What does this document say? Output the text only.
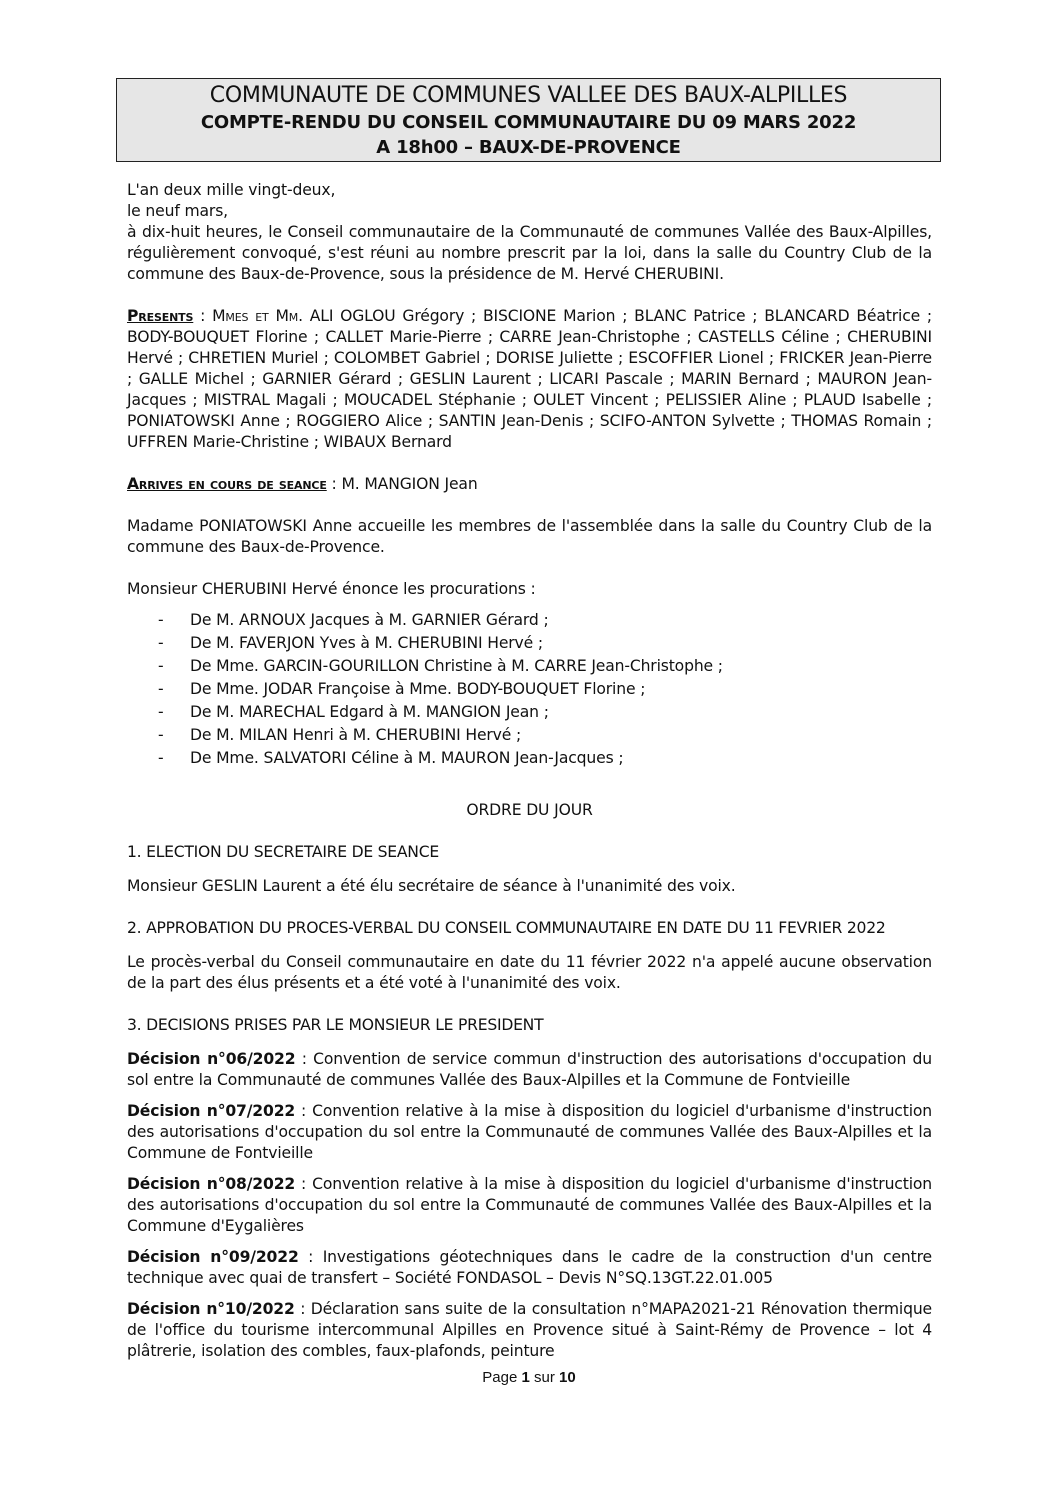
COMMUNAUTE DE COMMUNES VALLEE DES BAUX-ALPILLES
COMPTE-RENDU DU CONSEIL COMMUNAUTAIRE DU 09 MARS 2022
A 18h00 – BAUX-DE-PROVENCE

L'an deux mille vingt-deux,

le neuf mars,

à dix-huit heures, le Conseil communautaire de la Communauté de communes Vallée des Baux-Alpilles, régulièrement convoqué, s'est réuni au nombre prescrit par la loi, dans la salle du Country Club de la commune des Baux-de-Provence, sous la présidence de M. Hervé CHERUBINI.

Presents : Mmes et Mm. ALI OGLOU Grégory ; BISCIONE Marion ; BLANC Patrice ; BLANCARD Béatrice ; BODY-BOUQUET Florine ; CALLET Marie-Pierre ; CARRE Jean-Christophe ; CASTELLS Céline ; CHERUBINI Hervé ; CHRETIEN Muriel ; COLOMBET Gabriel ; DORISE Juliette ; ESCOFFIER Lionel ; FRICKER Jean-Pierre ; GALLE Michel ; GARNIER Gérard ; GESLIN Laurent ; LICARI Pascale ; MARIN Bernard ; MAURON Jean-Jacques ; MISTRAL Magali ; MOUCADEL Stéphanie ; OULET Vincent ; PELISSIER Aline ; PLAUD Isabelle ; PONIATOWSKI Anne ; ROGGIERO Alice ; SANTIN Jean-Denis ; SCIFO-ANTON Sylvette ; THOMAS Romain ; UFFREN Marie-Christine ; WIBAUX Bernard

Arrives en cours de seance : M. MANGION Jean

Madame PONIATOWSKI Anne accueille les membres de l'assemblée dans la salle du Country Club de la commune des Baux-de-Provence.

Monsieur CHERUBINI Hervé énonce les procurations :

- De M. ARNOUX Jacques à M. GARNIER Gérard ;
- De M. FAVERJON Yves à M. CHERUBINI Hervé ;
- De Mme. GARCIN-GOURILLON Christine à M. CARRE Jean-Christophe ;
- De Mme. JODAR Françoise à Mme. BODY-BOUQUET Florine ;
- De M. MARECHAL Edgard à M. MANGION Jean ;
- De M. MILAN Henri à M. CHERUBINI Hervé ;
- De Mme. SALVATORI Céline à M. MAURON Jean-Jacques ;

ORDRE DU JOUR

1. ELECTION DU SECRETAIRE DE SEANCE

Monsieur GESLIN Laurent a été élu secrétaire de séance à l'unanimité des voix.

2. APPROBATION DU PROCES-VERBAL DU CONSEIL COMMUNAUTAIRE EN DATE DU 11 FEVRIER 2022

Le procès-verbal du Conseil communautaire en date du 11 février 2022 n'a appelé aucune observation de la part des élus présents et a été voté à l'unanimité des voix.

3. DECISIONS PRISES PAR LE MONSIEUR LE PRESIDENT

Décision n°06/2022 : Convention de service commun d'instruction des autorisations d'occupation du sol entre la Communauté de communes Vallée des Baux-Alpilles et la Commune de Fontvieille

Décision n°07/2022 : Convention relative à la mise à disposition du logiciel d'urbanisme d'instruction des autorisations d'occupation du sol entre la Communauté de communes Vallée des Baux-Alpilles et la Commune de Fontvieille

Décision n°08/2022 : Convention relative à la mise à disposition du logiciel d'urbanisme d'instruction des autorisations d'occupation du sol entre la Communauté de communes Vallée des Baux-Alpilles et la Commune d'Eygalières

Décision n°09/2022 : Investigations géotechniques dans le cadre de la construction d'un centre technique avec quai de transfert – Société FONDASOL – Devis N°SQ.13GT.22.01.005

Décision n°10/2022 : Déclaration sans suite de la consultation n°MAPA2021-21 Rénovation thermique de l'office du tourisme intercommunal Alpilles en Provence situé à Saint-Rémy de Provence – lot 4 plâtrerie, isolation des combles, faux-plafonds, peinture

Page 1 sur 10
